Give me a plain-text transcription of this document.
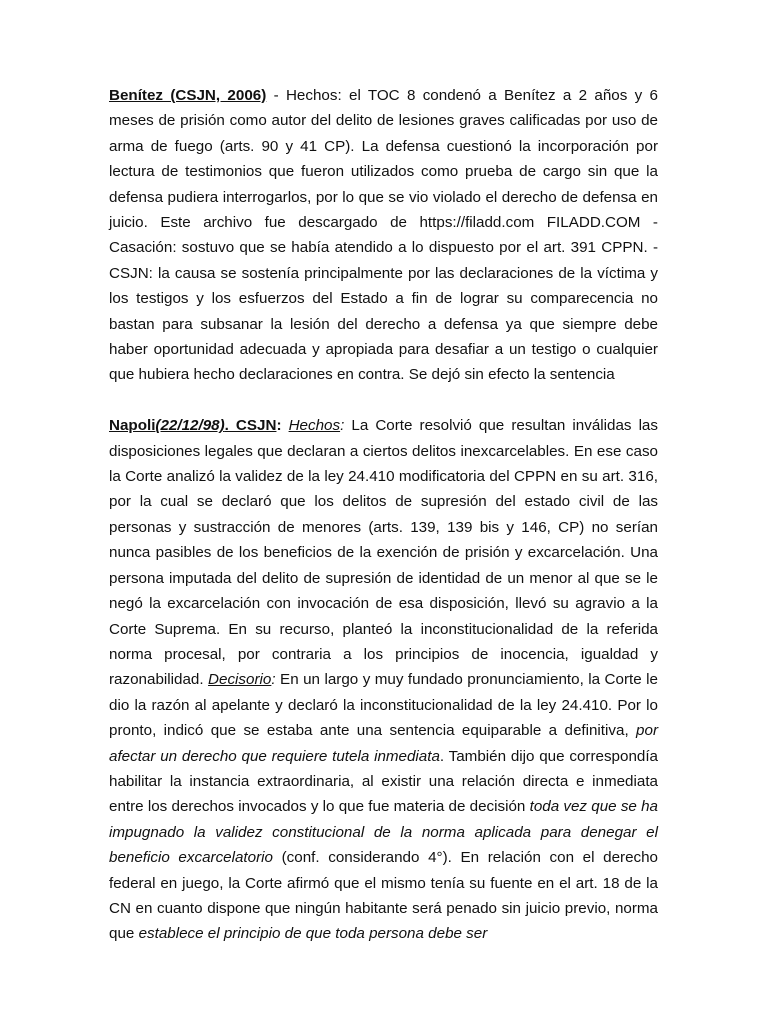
Benítez (CSJN, 2006) - Hechos: el TOC 8 condenó a Benítez a 2 años y 6 meses de prisión como autor del delito de lesiones graves calificadas por uso de arma de fuego (arts. 90 y 41 CP). La defensa cuestionó la incorporación por lectura de testimonios que fueron utilizados como prueba de cargo sin que la defensa pudiera interrogarlos, por lo que se vio violado el derecho de defensa en juicio. Este archivo fue descargado de https://filadd.com FILADD.COM - Casación: sostuvo que se había atendido a lo dispuesto por el art. 391 CPPN. - CSJN: la causa se sostenía principalmente por las declaraciones de la víctima y los testigos y los esfuerzos del Estado a fin de lograr su comparecencia no bastan para subsanar la lesión del derecho a defensa ya que siempre debe haber oportunidad adecuada y apropiada para desafiar a un testigo o cualquier que hubiera hecho declaraciones en contra. Se dejó sin efecto la sentencia

Napoli(22/12/98). CSJN: Hechos: La Corte resolvió que resultan inválidas las disposiciones legales que declaran a ciertos delitos inexcarcelables. En ese caso la Corte analizó la validez de la ley 24.410 modificatoria del CPPN en su art. 316, por la cual se declaró que los delitos de supresión del estado civil de las personas y sustracción de menores (arts. 139, 139 bis y 146, CP) no serían nunca pasibles de los beneficios de la exención de prisión y excarcelación. Una persona imputada del delito de supresión de identidad de un menor al que se le negó la excarcelación con invocación de esa disposición, llevó su agravio a la Corte Suprema. En su recurso, planteó la inconstitucionalidad de la referida norma procesal, por contraria a los principios de inocencia, igualdad y razonabilidad. Decisorio: En un largo y muy fundado pronunciamiento, la Corte le dio la razón al apelante y declaró la inconstitucionalidad de la ley 24.410. Por lo pronto, indicó que se estaba ante una sentencia equiparable a definitiva, por afectar un derecho que requiere tutela inmediata. También dijo que correspondía habilitar la instancia extraordinaria, al existir una relación directa e inmediata entre los derechos invocados y lo que fue materia de decisión toda vez que se ha impugnado la validez constitucional de la norma aplicada para denegar el beneficio excarcelatorio (conf. considerando 4°). En relación con el derecho federal en juego, la Corte afirmó que el mismo tenía su fuente en el art. 18 de la CN en cuanto dispone que ningún habitante será penado sin juicio previo, norma que establece el principio de que toda persona debe ser
